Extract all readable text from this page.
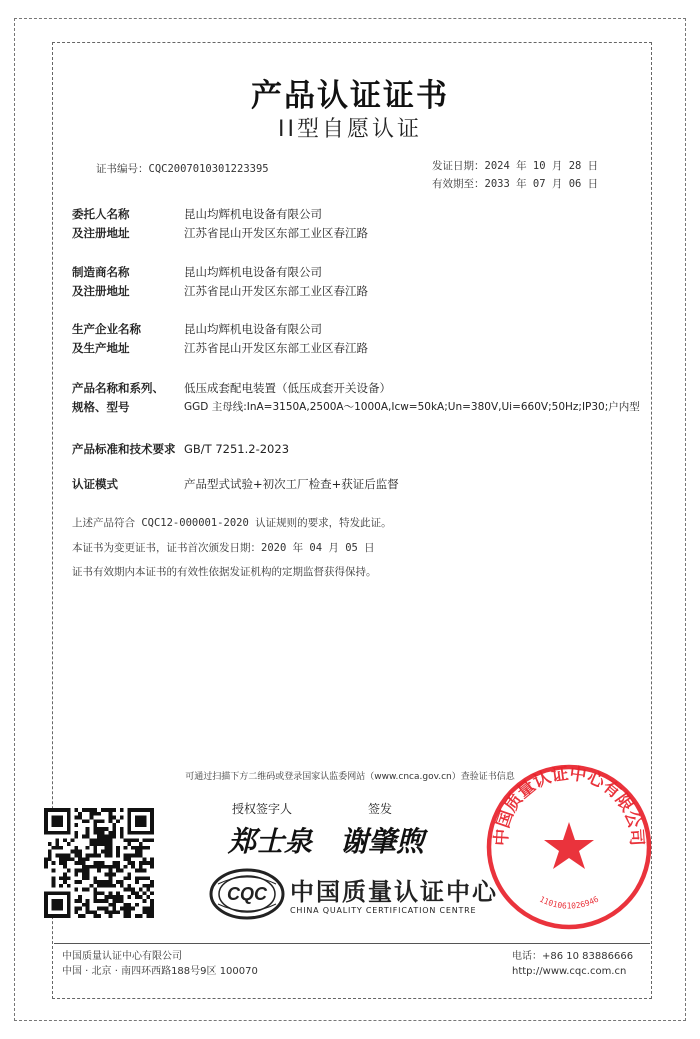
产品认证证书
II型自愿认证
证书编号：CQC2007010301223395	发证日期：2024 年 10 月 28 日
有效期至：2033 年 07 月 06 日
委托人名称	昆山均辉机电设备有限公司
及注册地址	江苏省昆山开发区东部工业区春江路
制造商名称	昆山均辉机电设备有限公司
及注册地址	江苏省昆山开发区东部工业区春江路
生产企业名称	昆山均辉机电设备有限公司
及生产地址	江苏省昆山开发区东部工业区春江路
产品名称和系列、	低压成套配电装置（低压成套开关设备）
规格、型号	GGD 主母线:InA=3150A,2500A～1000A,Icw=50kA;Un=380V,Ui=660V;50Hz;IP30;户内型
产品标准和技术要求 GB/T 7251.2-2023
认证模式	产品型式试验+初次工厂检查+获证后监督
上述产品符合 CQC12-000001-2020 认证规则的要求，特发此证。
本证书为变更证书，证书首次颁发日期：2020 年 04 月 05 日
证书有效期内本证书的有效性依据发证机构的定期监督获得保持。
可通过扫描下方二维码或登录国家认监委网站（www.cnca.gov.cn）查验证书信息
授权签字人	签发
郑士泉 谢肇煦
CQC 中国质量认证中心
CHINA QUALITY CERTIFICATION CENTRE
中国质量认证中心有限公司
1101061026946
中国质量认证中心有限公司
中国 · 北京 · 南四环西路188号9区 100070
电话：+86 10 83886666
http://www.cqc.com.cn
